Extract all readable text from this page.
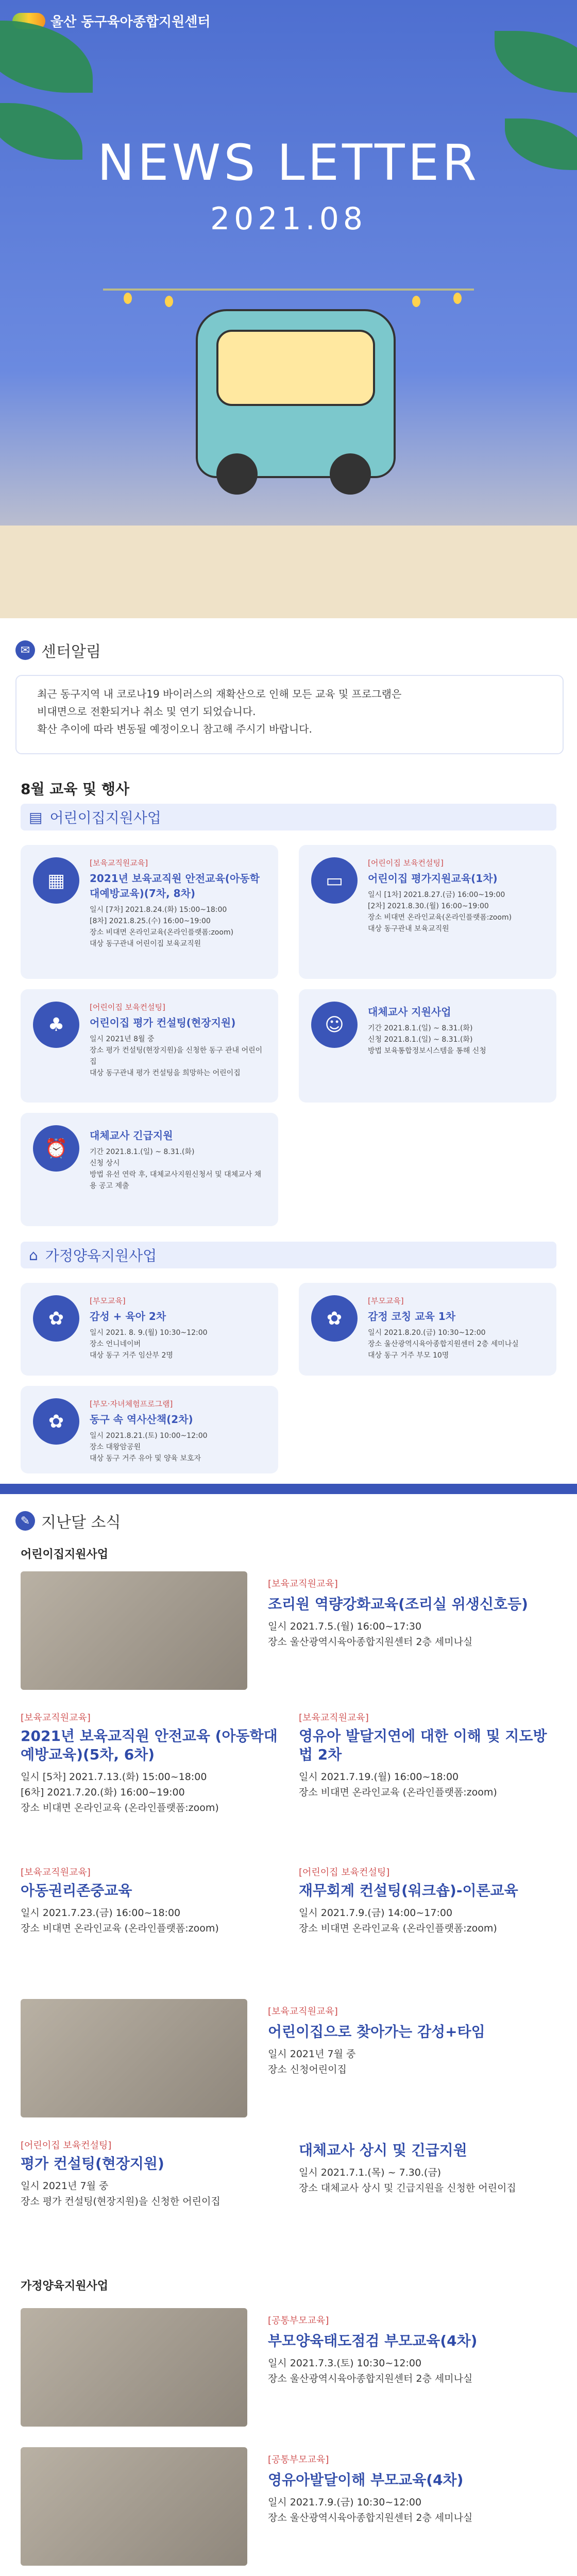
울산 동구육아종합지원센터
NEWS LETTER
2021.08
✉ 센터알림
최근 동구지역 내 코로나19 바이러스의 재확산으로 인해 모든 교육 및 프로그램은
비대면으로 전환되거나 취소 및 연기 되었습니다.
확산 추이에 따라 변동될 예정이오니 참고해 주시기 바랍니다.
8월 교육 및 행사
▤ 어린이집지원사업
▦
[보육교직원교육]
2021년 보육교직원 안전교육(아동학대예방교육)(7차, 8차)
일시 [7차] 2021.8.24.(화) 15:00~18:00
[8차] 2021.8.25.(수) 16:00~19:00
장소 비대면 온라인교육(온라인플랫폼:zoom)
대상 동구관내 어린이집 보육교직원
▭
[어린이집 보육컨설팅]
어린이집 평가지원교육(1차)
일시 [1차] 2021.8.27.(금) 16:00~19:00
[2차] 2021.8.30.(월) 16:00~19:00
장소 비대면 온라인교육(온라인플랫폼:zoom)
대상 동구관내 보육교직원
♣
[어린이집 보육컨설팅]
어린이집 평가 컨설팅(현장지원)
일시 2021년 8월 중
장소 평가 컨설팅(현장지원)을 신청한 동구 관내 어린이집
대상 동구관내 평가 컨설팅을 희망하는 어린이집
☺
대체교사 지원사업
기간 2021.8.1.(일) ~ 8.31.(화)
신청 2021.8.1.(일) ~ 8.31.(화)
방법 보육통합정보시스템을 통해 신청
⏰
대체교사 긴급지원
기간 2021.8.1.(일) ~ 8.31.(화)
신청 상시
방법 유선 연락 후, 대체교사지원신청서 및 대체교사 채용 공고 제출
⌂ 가정양육지원사업
✿
[부모교육]
감성 + 육아 2차
일시 2021. 8. 9.(월) 10:30~12:00
장소 언니네이버
대상 동구 거주 임산부 2명
✿
[부모교육]
감정 코칭 교육 1차
일시 2021.8.20.(금) 10:30~12:00
장소 울산광역시육아종합지원센터 2층 세미나실
대상 동구 거주 부모 10명
✿
[부모·자녀체험프로그램]
동구 속 역사산책(2차)
일시 2021.8.21.(토) 10:00~12:00
장소 대왕암공원
대상 동구 거주 유아 및 양육 보호자
✎ 지난달 소식
어린이집지원사업
[보육교직원교육]
조리원 역량강화교육(조리실 위생신호등)
일시 2021.7.5.(월) 16:00~17:30
장소 울산광역시육아종합지원센터 2층 세미나실
[보육교직원교육]
2021년 보육교직원 안전교육 (아동학대예방교육)(5차, 6차)
일시 [5차] 2021.7.13.(화) 15:00~18:00
[6차] 2021.7.20.(화) 16:00~19:00
장소 비대면 온라인교육 (온라인플랫폼:zoom)
[보육교직원교육]
영유아 발달지연에 대한 이해 및 지도방법 2차
일시 2021.7.19.(월) 16:00~18:00
장소 비대면 온라인교육 (온라인플랫폼:zoom)
[보육교직원교육]
아동권리존중교육
일시 2021.7.23.(금) 16:00~18:00
장소 비대면 온라인교육 (온라인플랫폼:zoom)
[어린이집 보육컨설팅]
재무회계 컨설팅(워크숍)-이론교육
일시 2021.7.9.(금) 14:00~17:00
장소 비대면 온라인교육 (온라인플랫폼:zoom)
[보육교직원교육]
어린이집으로 찾아가는 감성+타임
일시 2021년 7월 중
장소 신청어린이집
[어린이집 보육컨설팅]
평가 컨설팅(현장지원)
일시 2021년 7월 중
장소 평가 컨설팅(현장지원)을 신청한 어린이집
대체교사 상시 및 긴급지원
일시 2021.7.1.(목) ~ 7.30.(금)
장소 대체교사 상시 및 긴급지원을 신청한 어린이집
가정양육지원사업
[공통부모교육]
부모양육태도점검 부모교육(4차)
일시 2021.7.3.(토) 10:30~12:00
장소 울산광역시육아종합지원센터 2층 세미나실
[공통부모교육]
영유아발달이해 부모교육(4차)
일시 2021.7.9.(금) 10:30~12:00
장소 울산광역시육아종합지원센터 2층 세미나실
